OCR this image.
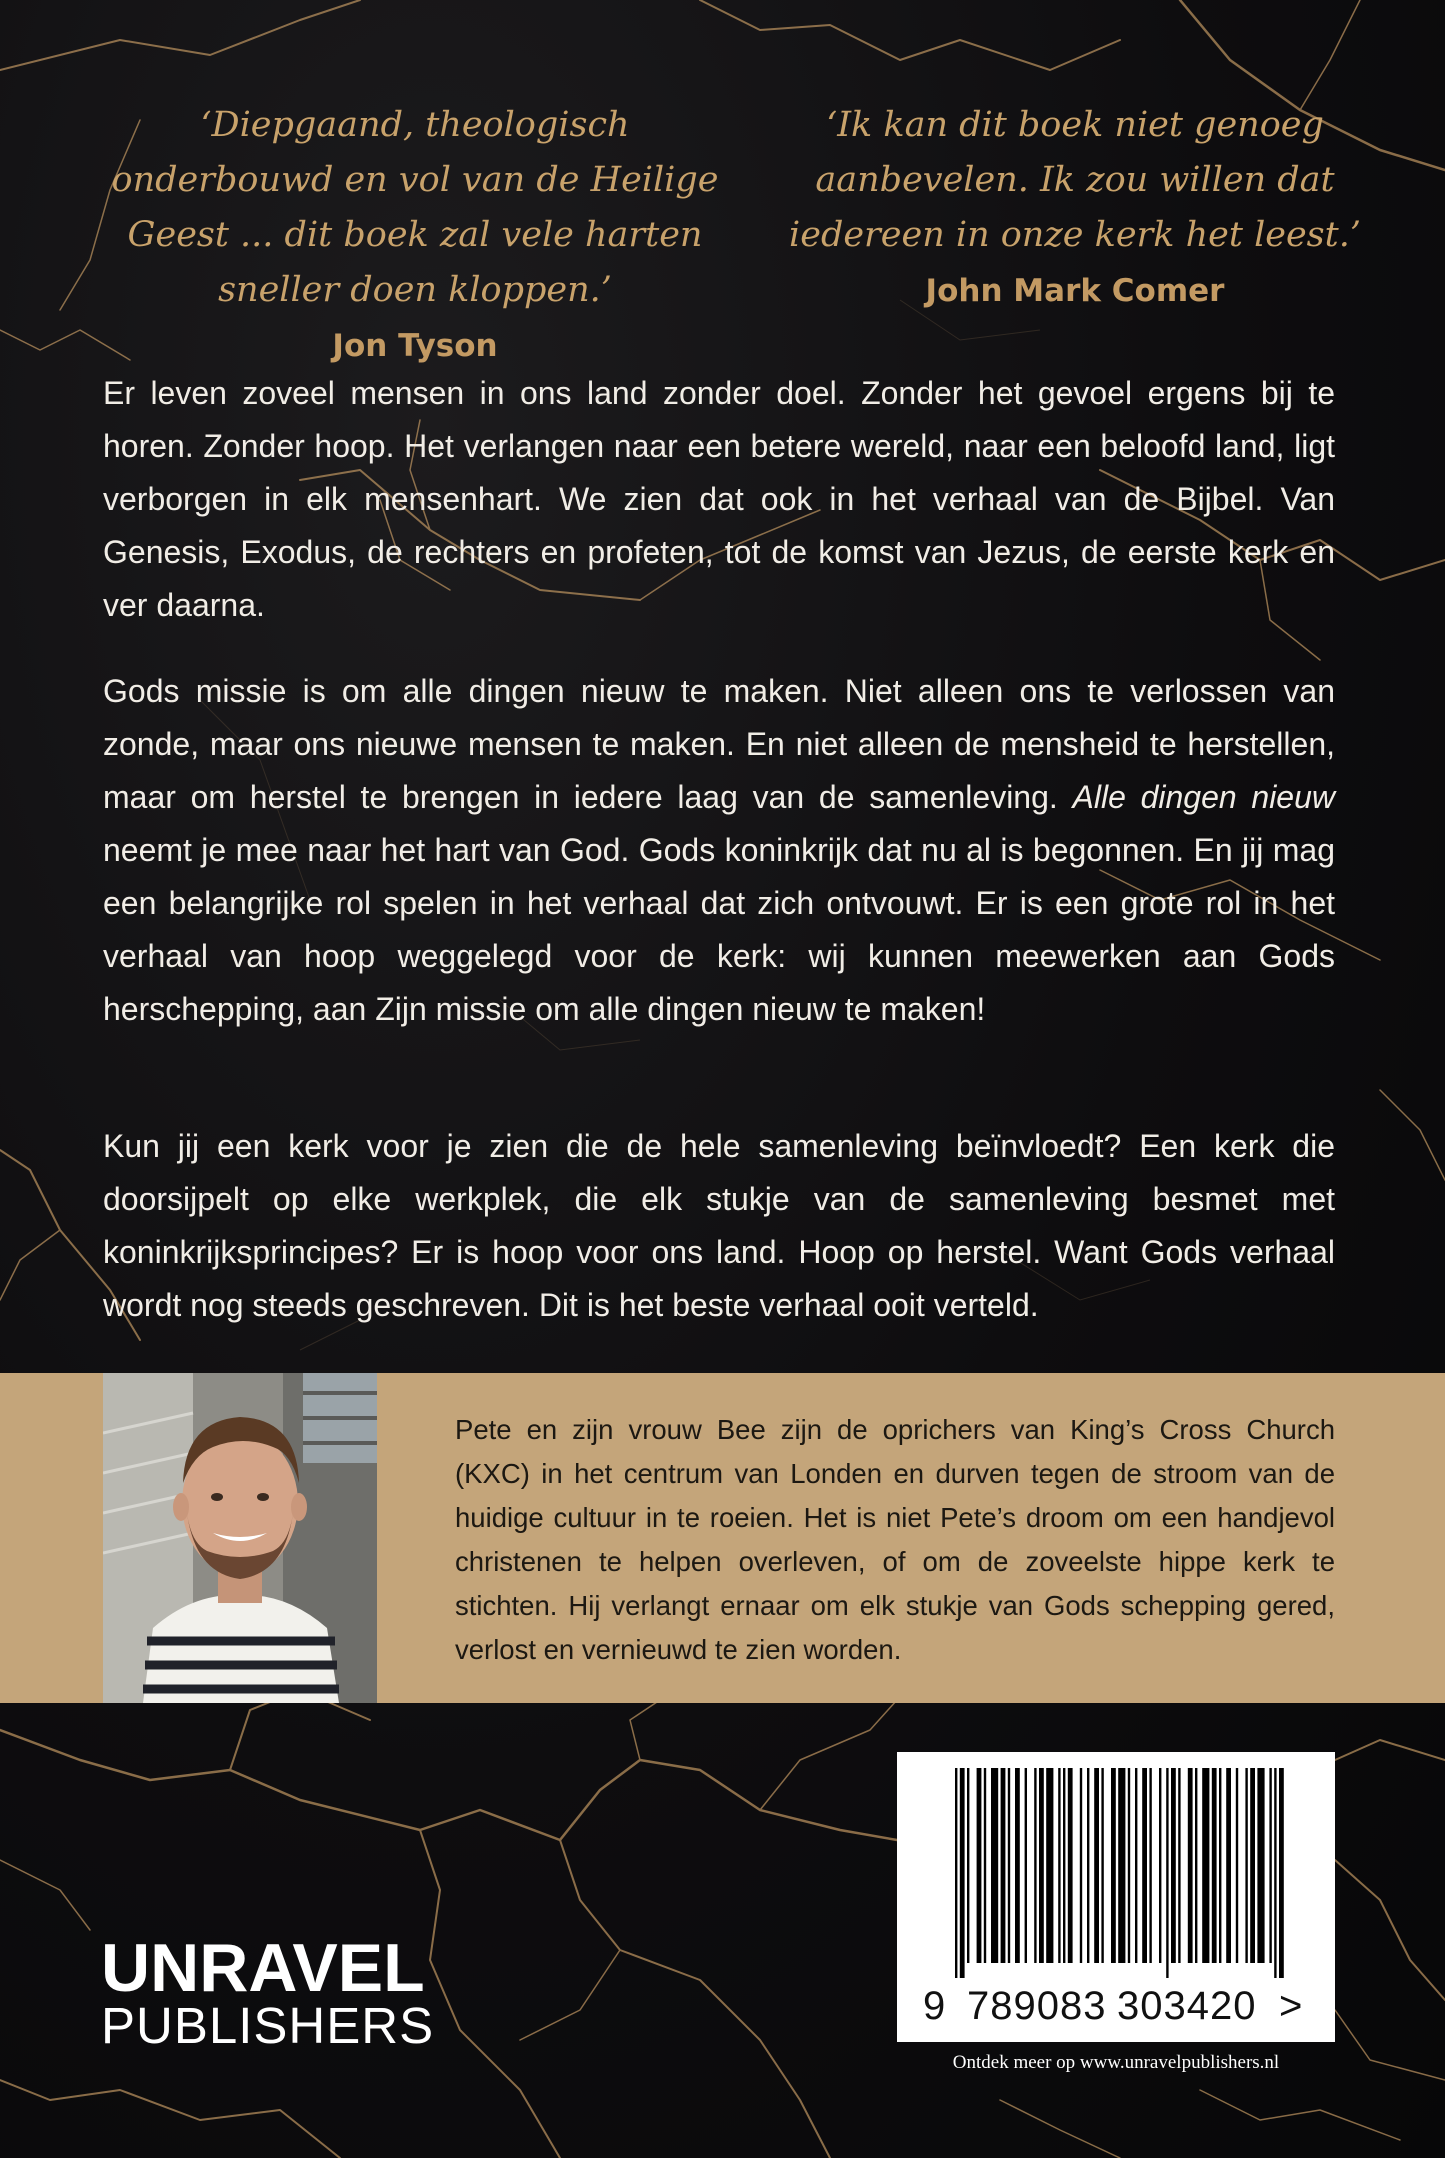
‘Diepgaand, theologisch onderbouwd en vol van de Heilige Geest ... dit boek zal vele harten sneller doen kloppen.’

Jon Tyson

‘Ik kan dit boek niet genoeg aanbevelen. Ik zou willen dat iedereen in onze kerk het leest.’

John Mark Comer

Er leven zoveel mensen in ons land zonder doel. Zonder het gevoel ergens bij te horen. Zonder hoop. Het verlangen naar een betere wereld, naar een beloofd land, ligt verborgen in elk mensenhart. We zien dat ook in het verhaal van de Bijbel. Van Genesis, Exodus, de rechters en profeten, tot de komst van Jezus, de eerste kerk en ver daarna.

Gods missie is om alle dingen nieuw te maken. Niet alleen ons te verlossen van zonde, maar ons nieuwe mensen te maken. En niet alleen de mensheid te herstellen, maar om herstel te brengen in iedere laag van de samenleving. Alle dingen nieuw neemt je mee naar het hart van God. Gods koninkrijk dat nu al is begonnen. En jij mag een belangrijke rol spelen in het verhaal dat zich ontvouwt. Er is een grote rol in het verhaal van hoop weggelegd voor de kerk: wij kunnen meewerken aan Gods herschepping, aan Zijn missie om alle dingen nieuw te maken!

Kun jij een kerk voor je zien die de hele samenleving beïnvloedt? Een kerk die doorsijpelt op elke werkplek, die elk stukje van de samenleving besmet met koninkrijksprincipes? Er is hoop voor ons land. Hoop op herstel. Want Gods verhaal wordt nog steeds geschreven. Dit is het beste verhaal ooit verteld.

Pete en zijn vrouw Bee zijn de oprichers van King’s Cross Church (KXC) in het centrum van Londen en durven tegen de stroom van de huidige cultuur in te roeien. Het is niet Pete’s droom om een handjevol christenen te helpen overleven, of om de zoveelste hippe kerk te stichten. Hij verlangt ernaar om elk stukje van Gods schepping gered, verlost en vernieuwd te zien worden.

9 789083 303420 >
Ontdek meer op www.unravelpublishers.nl
UNRAVEL
PUBLISHERS
